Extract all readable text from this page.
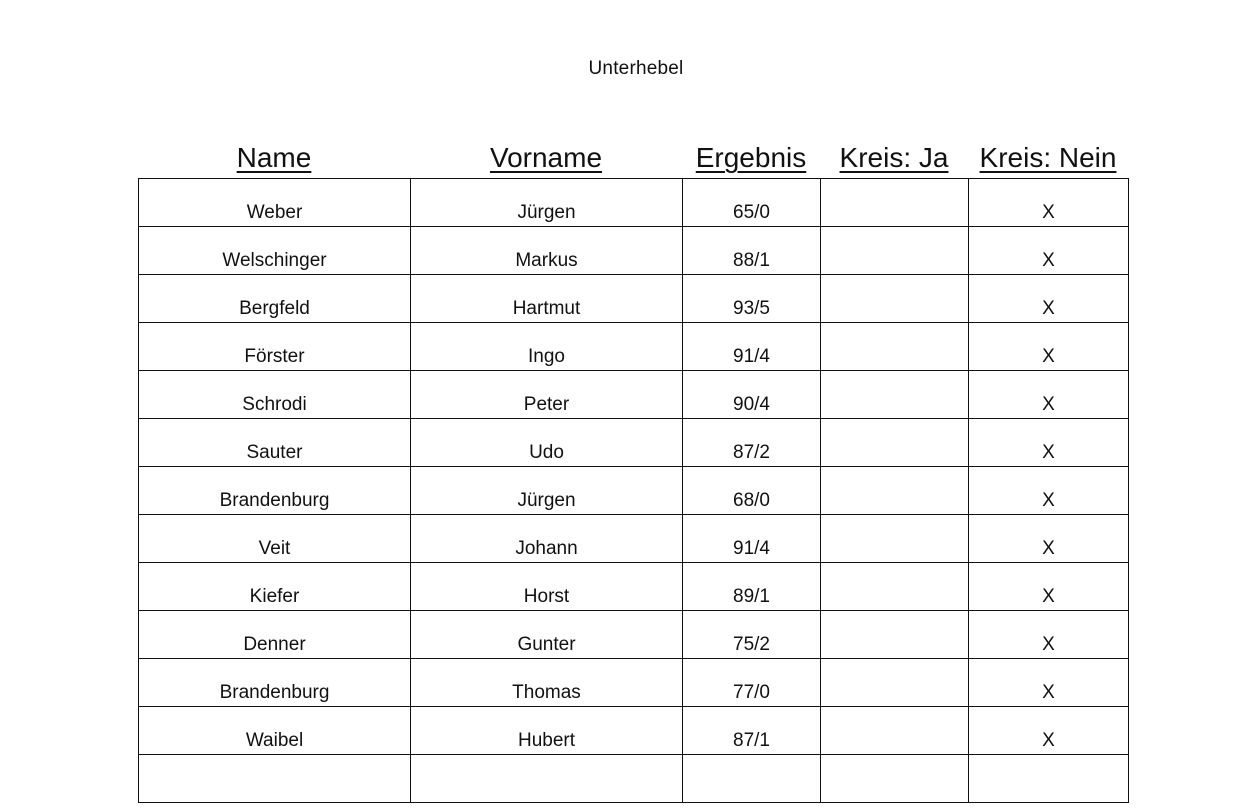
Unterhebel
Name	Vorname	Ergebnis	Kreis: Ja	Kreis: Nein
Weber	Jürgen	65/0		X
Welschinger	Markus	88/1		X
Bergfeld	Hartmut	93/5		X
Förster	Ingo	91/4		X
Schrodi	Peter	90/4		X
Sauter	Udo	87/2		X
Brandenburg	Jürgen	68/0		X
Veit	Johann	91/4		X
Kiefer	Horst	89/1		X
Denner	Gunter	75/2		X
Brandenburg	Thomas	77/0		X
Waibel	Hubert	87/1		X
